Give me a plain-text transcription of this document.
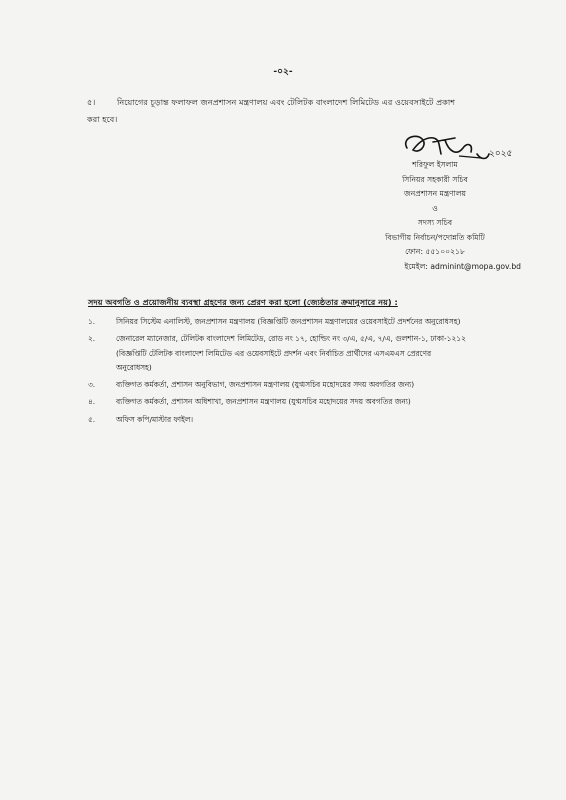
-০২-
৫।	নিয়োগের চূড়ান্ত ফলাফল জনপ্রশাসন মন্ত্রণালয় এবং টেলিটক বাংলাদেশ লিমিটেড এর ওয়েবসাইটে প্রকাশ
করা হবে।
২০২৫
শরিফুল ইসলাম
সিনিয়র সহকারী সচিব
জনপ্রশাসন মন্ত্রণালয়
ও
সদস্য সচিব
বিভাগীয় নির্বাচন/পদোন্নতি কমিটি
ফোন: ৫৫১০০২১৮
ইমেইল: adminint@mopa.gov.bd
সদয় অবগতি ও প্রয়োজনীয় ব্যবস্থা গ্রহণের জন্য প্রেরণ করা হলো (জ্যেষ্ঠতার ক্রমানুসারে নয়) :
১.	সিনিয়র সিস্টেম এনালিস্ট, জনপ্রশাসন মন্ত্রণালয় (বিজ্ঞপ্তিটি জনপ্রশাসন মন্ত্রণালয়ের ওয়েবসাইটে প্রদর্শনের অনুরোধসহ)
২.	জেনারেল ম্যানেজার, টেলিটক বাংলাদেশ লিমিটেড, রোড নং ১৭, হোল্ডিং নং ৩/এ, ৫/এ, ৭/এ, গুলশান-১, ঢাকা-১২১২
(বিজ্ঞপ্তিটি টেলিটক বাংলাদেশ লিমিটেড এর ওয়েবসাইটে প্রদর্শন এবং নির্বাচিত প্রার্থীদের এসএমএস প্রেরণের
অনুরোধসহ)
৩.	ব্যক্তিগত কর্মকর্তা, প্রশাসন অনুবিভাগ, জনপ্রশাসন মন্ত্রণালয় (যুগ্মসচিব মহোদয়ের সদয় অবগতির জন্য)
৪.	ব্যক্তিগত কর্মকর্তা, প্রশাসন অধিশাখা, জনপ্রশাসন মন্ত্রণালয় (যুগ্মসচিব মহোদয়ের সদয় অবগতির জন্য)
৫.	অফিস কপি/মাস্টার ফাইল।
